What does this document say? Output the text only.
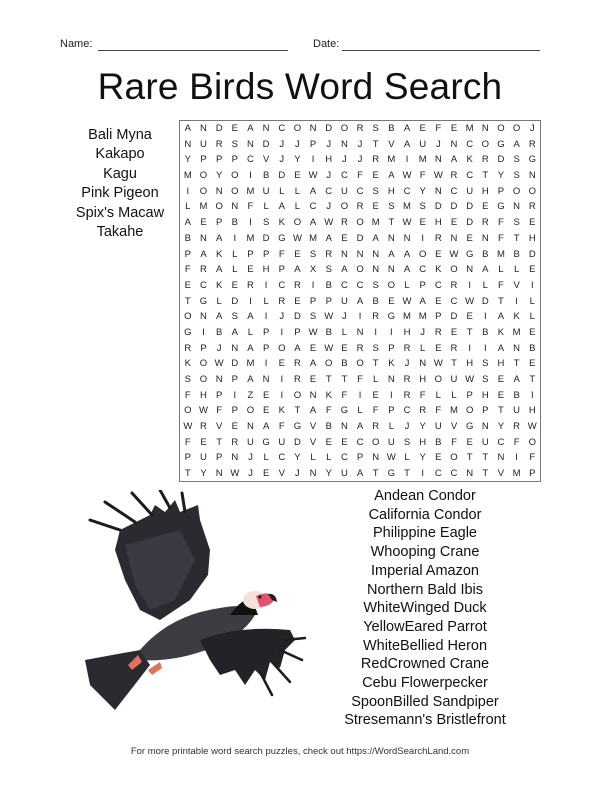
Name:	Date:
Rare Birds Word Search
Bali Myna
Kakapo
Kagu
Pink Pigeon
Spix's Macaw
Takahe
A N D E A N C O N D O R S B A E	F	E M N O O	J
N U R S N D	J	J	P	J	N	J	T	V A U	J	N C O G A R
Y P P P C V	J	Y	I	H	J	J	R M	I	M N A K R D S G
M O Y O	I	B D E W J	C F	E A W F W R C T	Y S N
I	O N O M U	L	L	A C U C S H C Y N C U H P O O
L M O N F	L	A	L	C	J	O R E S M S D D D E G N R
A E P B	I	S K O A W R O M T W E H E D R F	S E
B N A	I	M D G W M A E D A N N	I	R N E N F	T H
P A K	L	P P	F	E S R N N N A A O E W G B M B D
F R A	L	E H P A X S A O N N A C K O N A	L	L	E
E C K E R	I	C R	I	B C C S O L	P C R	I	L	F	V	I
T G L	D	I	L	R E P P U A B E W A E C W D T	I	L
O N A S A	I	J	D S W J	I	R G M M P D E	I	A K	L
G	I	B A	L	P	I	P W B	L	N	I	I	H	J	R E	T	B K M E
R P	J	N A P O A E W E R S P R	L	E R	I	I	A N B
K O W D M	I	E R A O B O T	K	J	N W T H S H T	E
S O N P A N	I	R E	T	T	F	L	N R H O U W S E A	T
F H P	I	Z	E	I	O N K	F	I	E	I	R F	L	L	P H E B	I
O W F	P O E K	T	A	F G L	F	P C R F M O P	T U H
W R V E N A	F G V B N A R	L	J	Y U V G N Y R W
F	E	T R U G U D V E E C O U S H B	F	E U C F O
P U P N	J	L	C Y	L	L	C P N W L	Y E O T	T N	I	F
T	Y N W J	E V	J	N Y U A	T G T	I	C C N T	V M P
Andean Condor
California Condor
Philippine Eagle
Whooping Crane
Imperial Amazon
Northern Bald Ibis
WhiteWinged Duck
YellowEared Parrot
WhiteBellied Heron
RedCrowned Crane
Cebu Flowerpecker
SpoonBilled Sandpiper
Stresemann's Bristlefront
For more printable word search puzzles, check out https://WordSearchLand.com
